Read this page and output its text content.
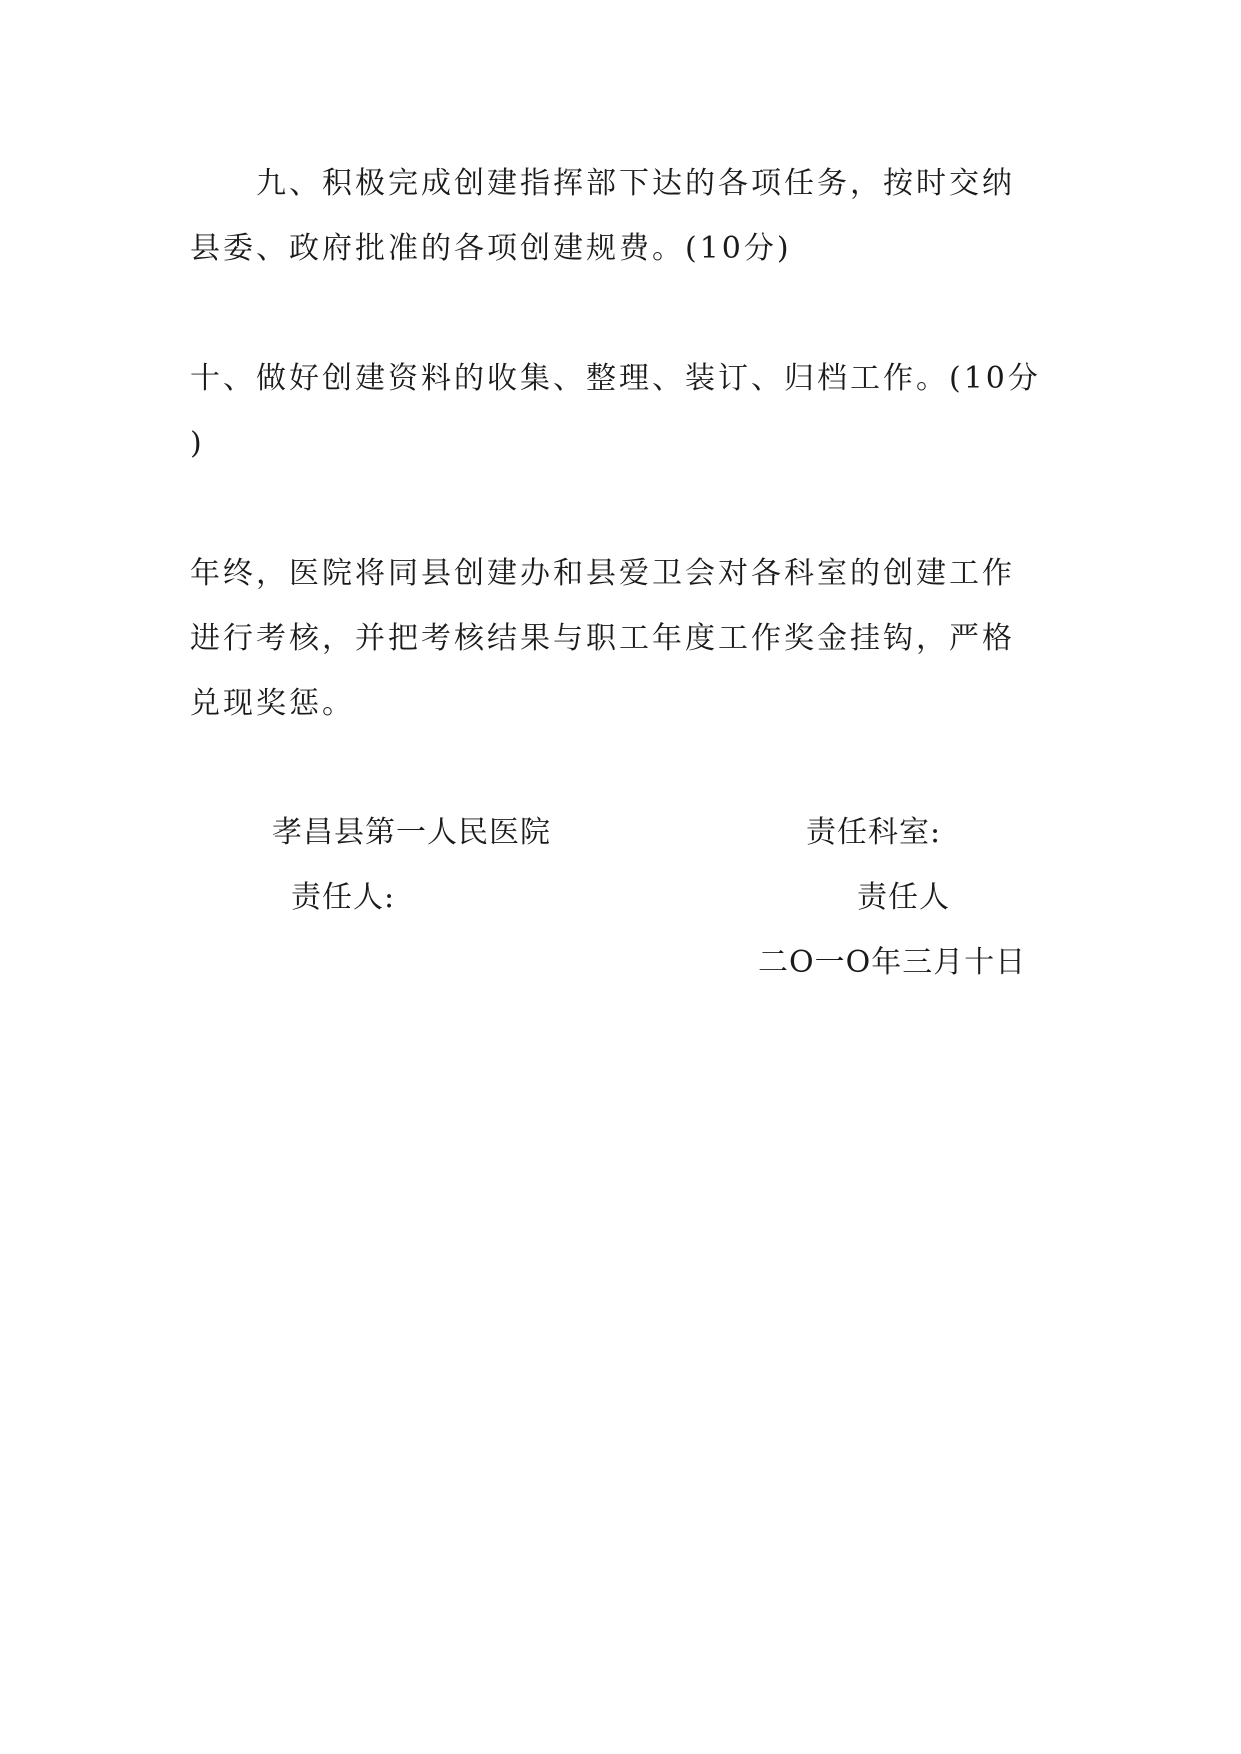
九、积极完成创建指挥部下达的各项任务，按时交纳
县委、政府批准的各项创建规费。(10分)
十、做好创建资料的收集、整理、装订、归档工作。(10分
)
年终，医院将同县创建办和县爱卫会对各科室的创建工作
进行考核，并把考核结果与职工年度工作奖金挂钩，严格
兑现奖惩。
孝昌县第一人民医院	责任科室:
责任人:	责任人
二O一O年三月十日
